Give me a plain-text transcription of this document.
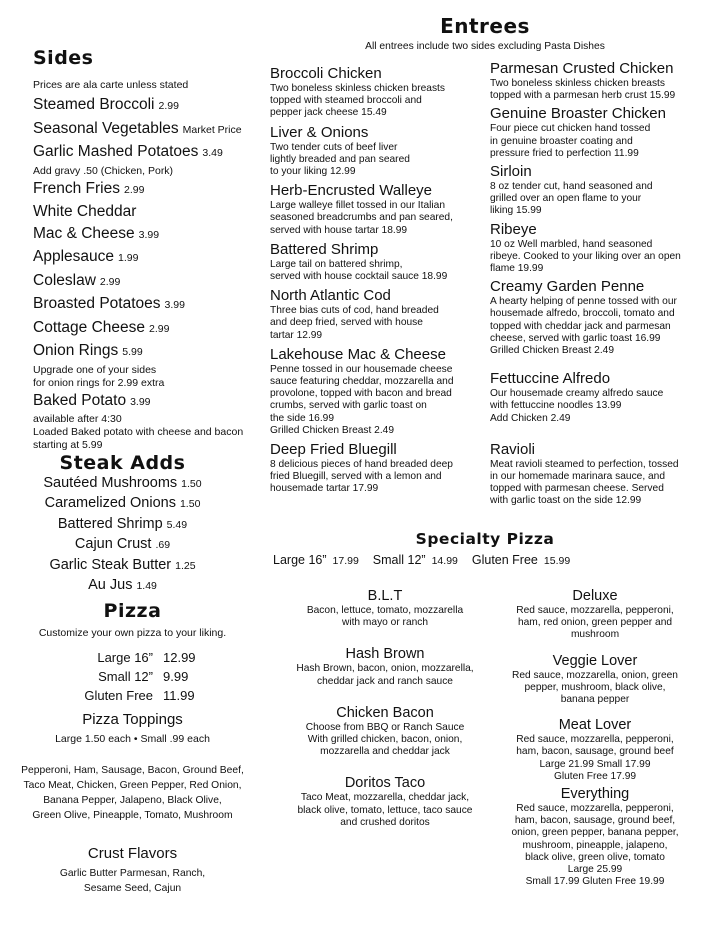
Sides
Prices are ala carte unless stated
Steamed Broccoli 2.99
Seasonal Vegetables Market Price
Garlic Mashed Potatoes 3.49
Add gravy .50 (Chicken, Pork)
French Fries 2.99
White Cheddar
Mac & Cheese 3.99
Applesauce 1.99
Coleslaw 2.99
Broasted Potatoes 3.99
Cottage Cheese 2.99
Onion Rings 5.99
Upgrade one of your sides
for onion rings for 2.99 extra
Baked Potato 3.99
available after 4:30
Loaded Baked potato with cheese and bacon
starting at 5.99
Steak Adds
Sautéed Mushrooms 1.50
Caramelized Onions 1.50
Battered Shrimp 5.49
Cajun Crust .69
Garlic Steak Butter 1.25
Au Jus 1.49
Pizza
Customize your own pizza to your liking.
Large 16” 12.99
Small 12” 9.99
Gluten Free 11.99
Pizza Toppings
Large 1.50 each • Small .99 each
Pepperoni, Ham, Sausage, Bacon, Ground Beef,
Taco Meat, Chicken, Green Pepper, Red Onion,
Banana Pepper, Jalapeno, Black Olive,
Green Olive, Pineapple, Tomato, Mushroom
Crust Flavors
Garlic Butter Parmesan, Ranch,
Sesame Seed, Cajun
Entrees
All entrees include two sides excluding Pasta Dishes
Broccoli Chicken
Two boneless skinless chicken breasts
topped with steamed broccoli and
pepper jack cheese 15.49
Liver & Onions
Two tender cuts of beef liver
lightly breaded and pan seared
to your liking 12.99
Herb-Encrusted Walleye
Large walleye fillet tossed in our Italian
seasoned breadcrumbs and pan seared,
served with house tartar 18.99
Battered Shrimp
Large tail on battered shrimp,
served with house cocktail sauce 18.99
North Atlantic Cod
Three bias cuts of cod, hand breaded
and deep fried, served with house
tartar 12.99
Lakehouse Mac & Cheese
Penne tossed in our housemade cheese
sauce featuring cheddar, mozzarella and
provolone, topped with bacon and bread
crumbs, served with garlic toast on
the side 16.99
Grilled Chicken Breast 2.49
Deep Fried Bluegill
8 delicious pieces of hand breaded deep
fried Bluegill, served with a lemon and
housemade tartar 17.99
Parmesan Crusted Chicken
Two boneless skinless chicken breasts
topped with a parmesan herb crust 15.99
Genuine Broaster Chicken
Four piece cut chicken hand tossed
in genuine broaster coating and
pressure fried to perfection 11.99
Sirloin
8 oz tender cut, hand seasoned and
grilled over an open flame to your
liking 15.99
Ribeye
10 oz Well marbled, hand seasoned
ribeye. Cooked to your liking over an open
flame 19.99
Creamy Garden Penne
A hearty helping of penne tossed with our
housemade alfredo, broccoli, tomato and
topped with cheddar jack and parmesan
cheese, served with garlic toast 16.99
Grilled Chicken Breast 2.49
Fettuccine Alfredo
Our housemade creamy alfredo sauce
with fettuccine noodles 13.99
Add Chicken 2.49
Ravioli
Meat ravioli steamed to perfection, tossed
in our homemade marinara sauce, and
topped with parmesan cheese. Served
with garlic toast on the side 12.99
Specialty Pizza
Large 16” 17.99 Small 12” 14.99 Gluten Free 15.99
B.L.T
Bacon, lettuce, tomato, mozzarella
with mayo or ranch
Hash Brown
Hash Brown, bacon, onion, mozzarella,
cheddar jack and ranch sauce
Chicken Bacon
Choose from BBQ or Ranch Sauce
With grilled chicken, bacon, onion,
mozzarella and cheddar jack
Doritos Taco
Taco Meat, mozzarella, cheddar jack,
black olive, tomato, lettuce, taco sauce
and crushed doritos
Deluxe
Red sauce, mozzarella, pepperoni,
ham, red onion, green pepper and
mushroom
Veggie Lover
Red sauce, mozzarella, onion, green
pepper, mushroom, black olive,
banana pepper
Meat Lover
Red sauce, mozzarella, pepperoni,
ham, bacon, sausage, ground beef
Large 21.99 Small 17.99
Gluten Free 17.99
Everything
Red sauce, mozzarella, pepperoni,
ham, bacon, sausage, ground beef,
onion, green pepper, banana pepper,
mushroom, pineapple, jalapeno,
black olive, green olive, tomato
Large 25.99
Small 17.99 Gluten Free 19.99
